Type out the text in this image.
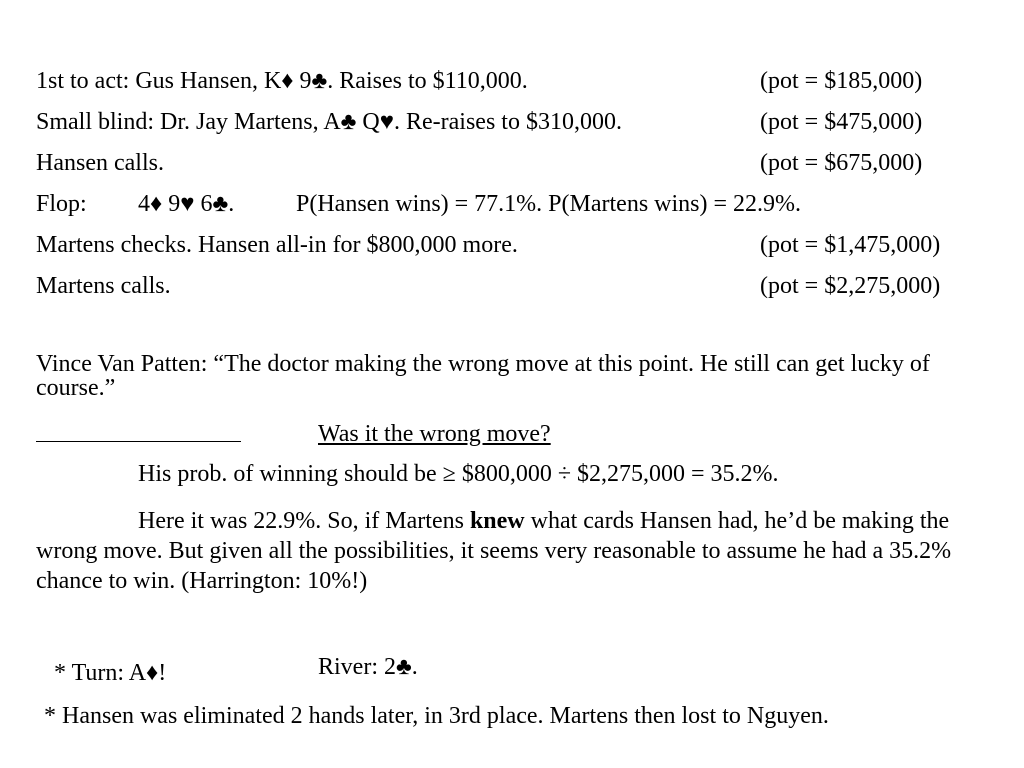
1st to act: Gus Hansen, K♦ 9♣. Raises to $110,000.	(pot = $185,000)
Small blind: Dr. Jay Martens, A♣ Q♥. Re-raises to $310,000.	(pot = $475,000)
Hansen calls.	(pot = $675,000)
Flop: 4♦ 9♥ 6♣.	P(Hansen wins) = 77.1%. P(Martens wins) = 22.9%.
Martens checks. Hansen all-in for $800,000 more.	(pot = $1,475,000)
Martens calls.	(pot = $2,275,000)
Vince Van Patten: “The doctor making the wrong move at this point. He still can get lucky of course.”
Was it the wrong move?
His prob. of winning should be ≥ $800,000 ÷ $2,275,000 = 35.2%.
Here it was 22.9%. So, if Martens knew what cards Hansen had, he’d be making the wrong move. But given all the possibilities, it seems very reasonable to assume he had a 35.2% chance to win. (Harrington: 10%!)
* Turn: A♦!	River: 2♣.
* Hansen was eliminated 2 hands later, in 3rd place. Martens then lost to Nguyen.
